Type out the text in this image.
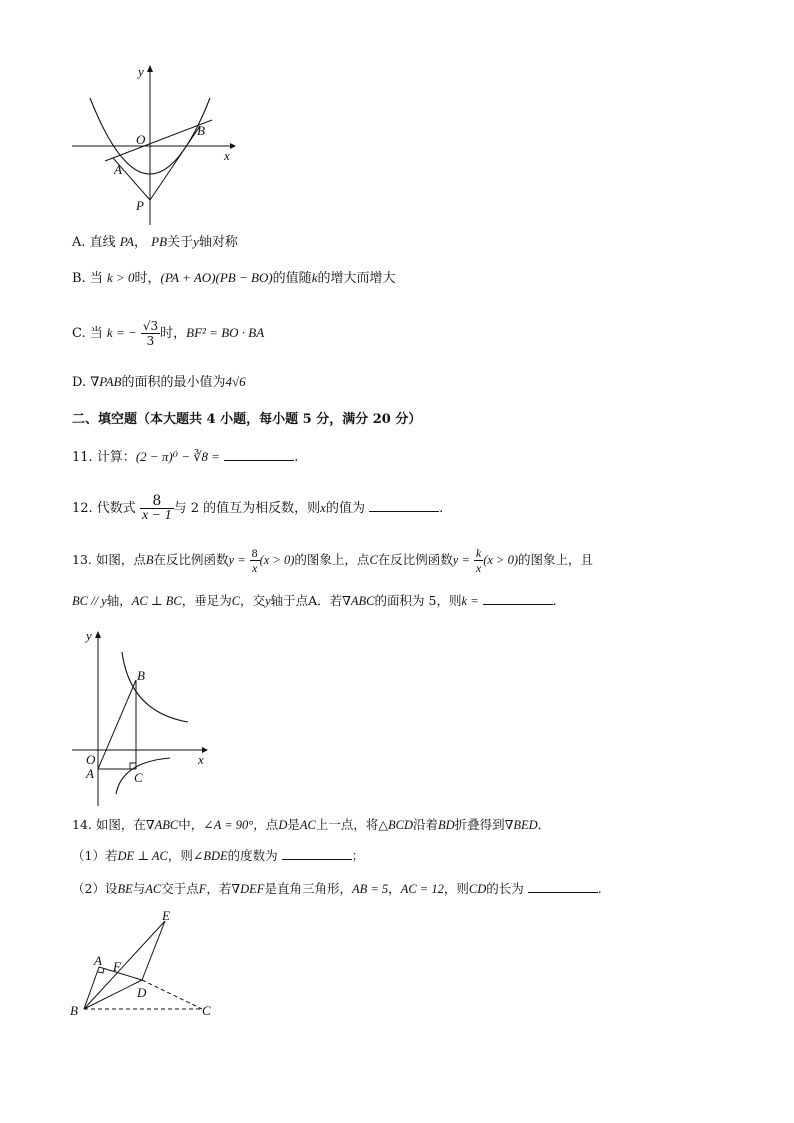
y
x
O
A
B
P
A. 直线 PA， PB关于y轴对称
B. 当 k > 0时，(PA + AO)(PB − BO)的值随k的增大而增大
C. 当 k = − $\frac{√3}{3}$ 时，BF² = BO · BA
D. ∇PAB的面积的最小值为4√6
二、填空题（本大题共 4 小题，每小题 5 分，满分 20 分）
11. 计算：(2 − π)⁰ − ∛8 =	.
12. 代数式 $\frac{8}{x - 1}$ 与 2 的值互为相反数，则x的值为	.
13. 如图，点B在反比例函数$y = \frac{8}{x} (x > 0)$的图象上，点C在反比例函数$y = \frac{k}{x} (x > 0)$的图象上，且
BC // y轴，AC ⊥ BC，垂足为C，交y轴于点A．若∇ABC的面积为 5，则k =	.
y
x
O
A
B
C
14. 如图，在∇ABC中，∠A = 90°，点D是AC上一点，将△BCD沿着BD折叠得到∇BED．
（1）若DE ⊥ AC，则∠BDE的度数为	；
（2）设BE与AC交于点F，若∇DEF是直角三角形，AB = 5，AC = 12，则CD的长为	.
E
A F
D
B	C
